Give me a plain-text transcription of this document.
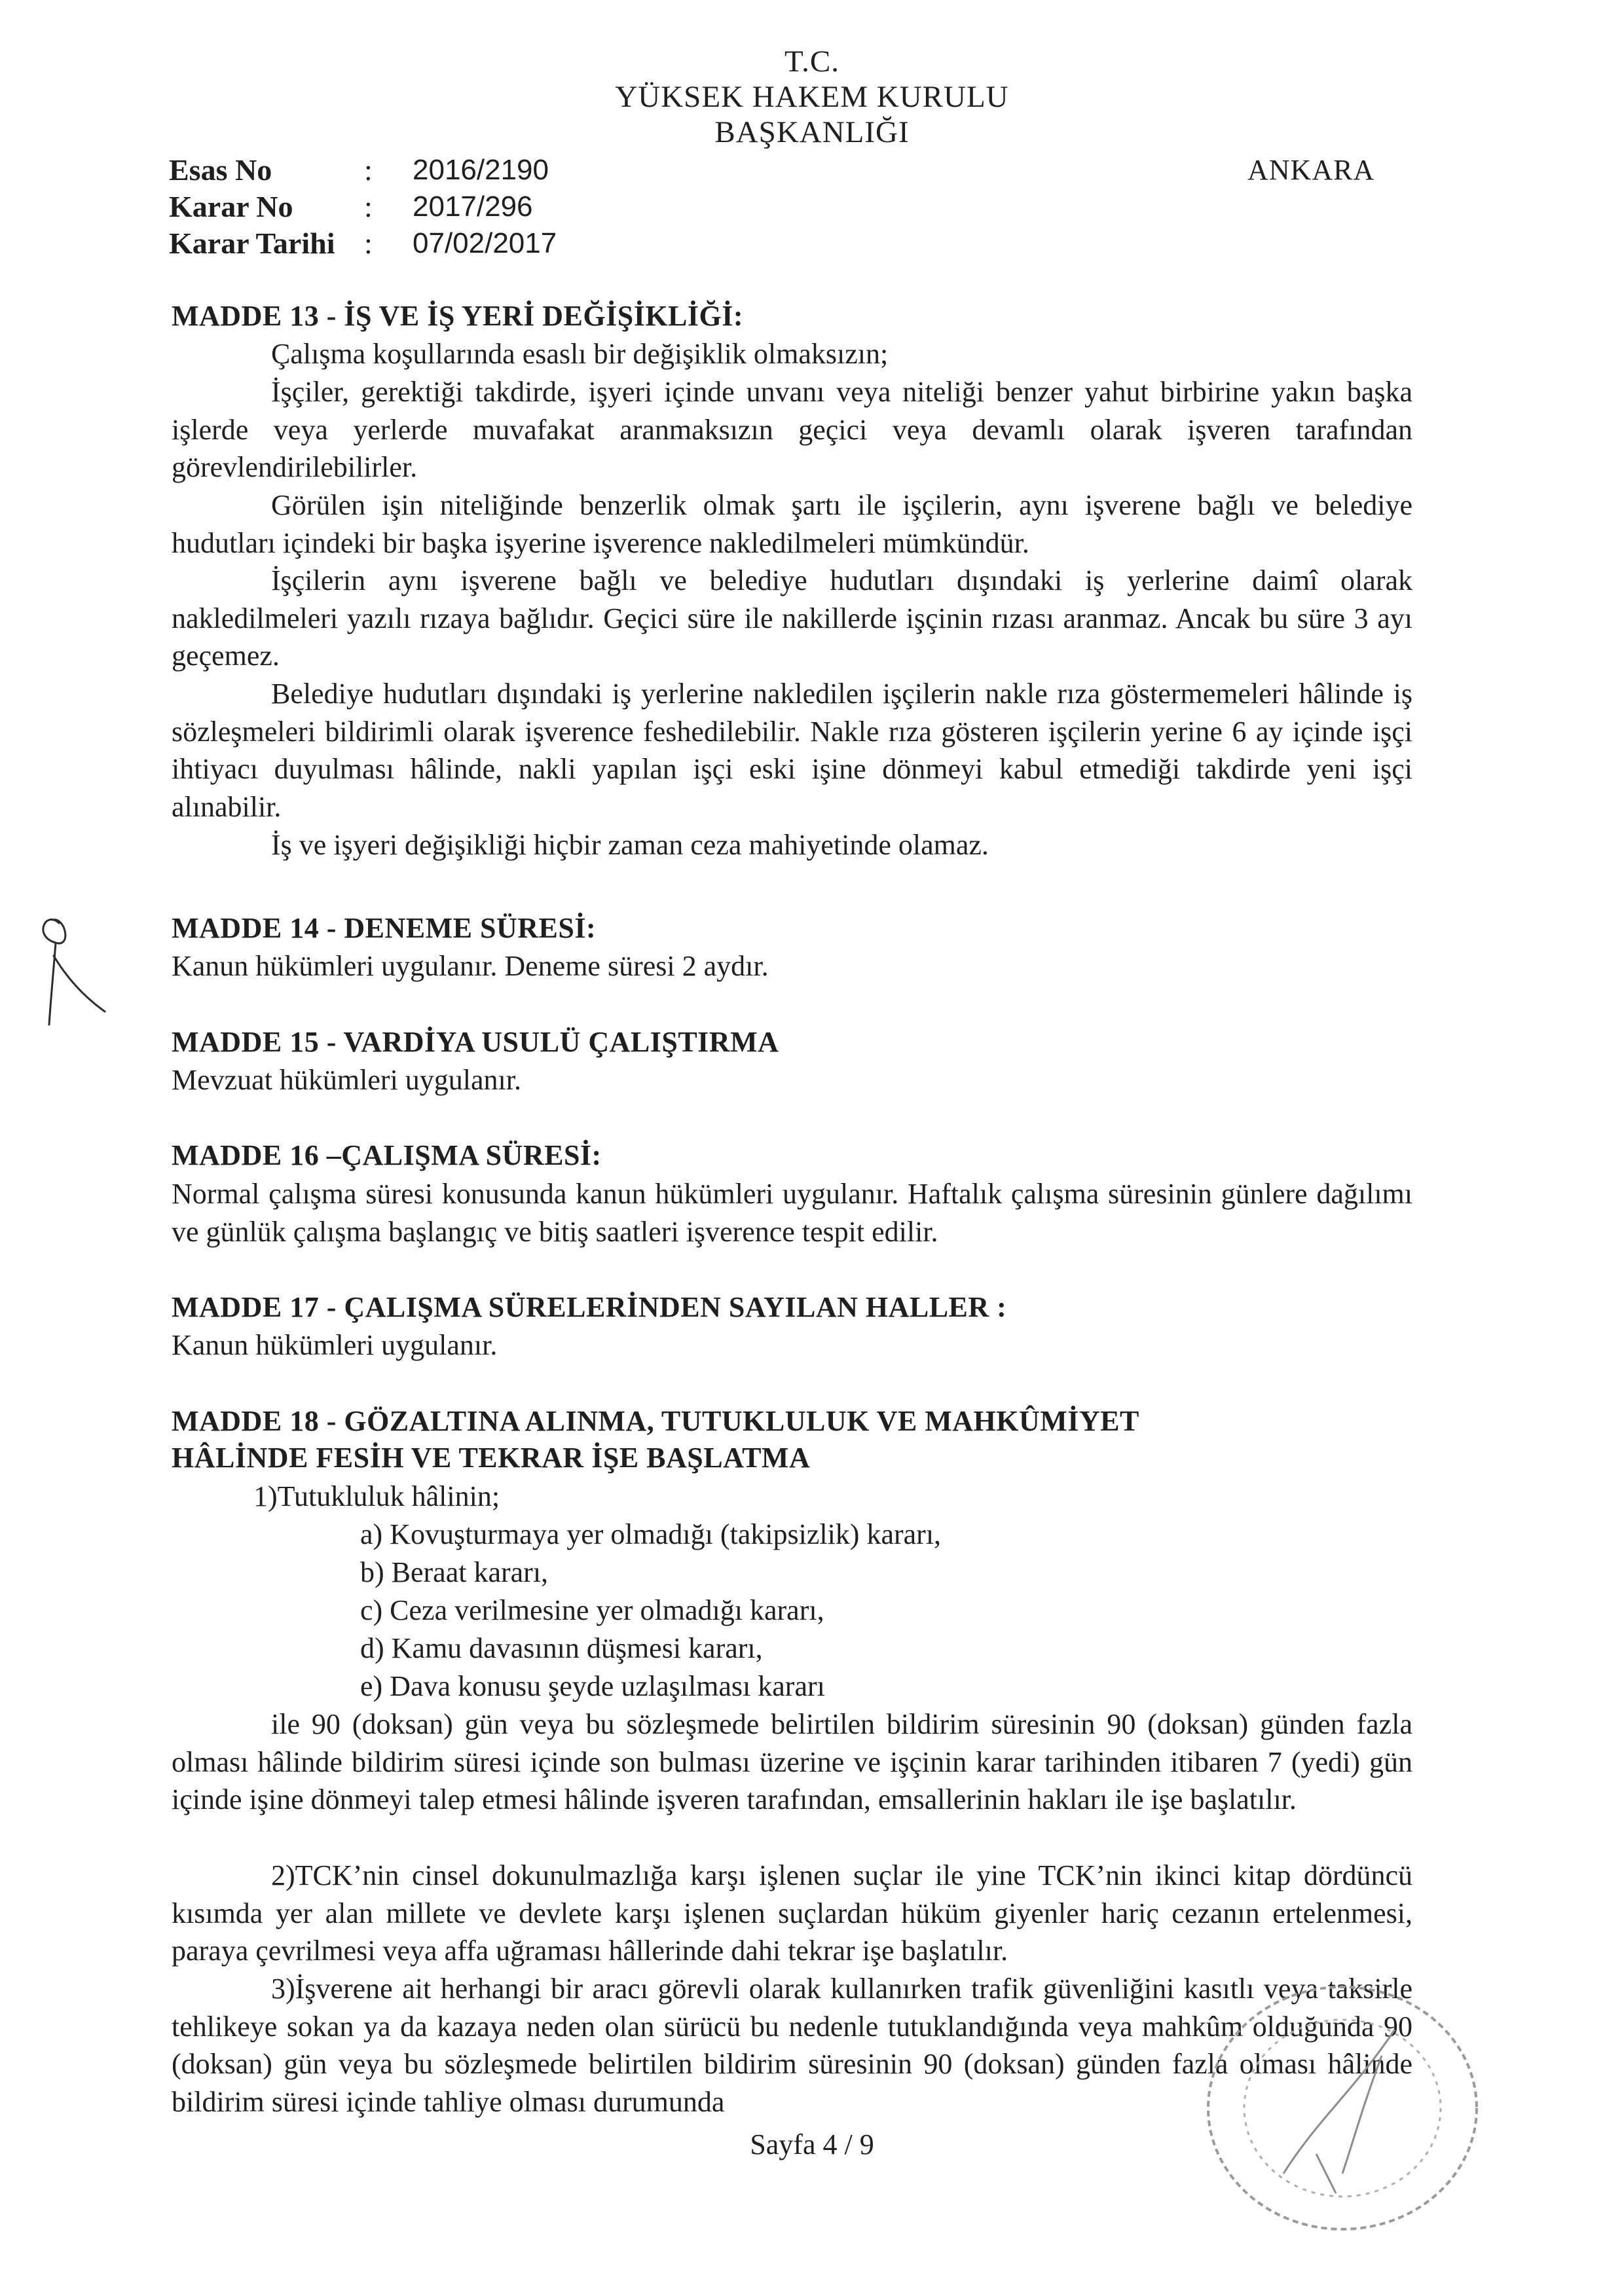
T.C.
YÜKSEK HAKEM KURULU
BAŞKANLIĞI
Esas No	: 2016/2190
Karar No : 2017/296
Karar Tarihi : 07/02/2017
ANKARA
MADDE 13 - İŞ VE İŞ YERİ DEĞİŞİKLİĞİ:
Çalışma koşullarında esaslı bir değişiklik olmaksızın;
İşçiler, gerektiği takdirde, işyeri içinde unvanı veya niteliği benzer yahut birbirine yakın başka işlerde veya yerlerde muvafakat aranmaksızın geçici veya devamlı olarak işveren tarafından görevlendirilebilirler.
Görülen işin niteliğinde benzerlik olmak şartı ile işçilerin, aynı işverene bağlı ve belediye hudutları içindeki bir başka işyerine işverence nakledilmeleri mümkündür.
İşçilerin aynı işverene bağlı ve belediye hudutları dışındaki iş yerlerine daimî olarak nakledilmeleri yazılı rızaya bağlıdır. Geçici süre ile nakillerde işçinin rızası aranmaz. Ancak bu süre 3 ayı geçemez.
Belediye hudutları dışındaki iş yerlerine nakledilen işçilerin nakle rıza göstermemeleri hâlinde iş sözleşmeleri bildirimli olarak işverence feshedilebilir. Nakle rıza gösteren işçilerin yerine 6 ay içinde işçi ihtiyacı duyulması hâlinde, nakli yapılan işçi eski işine dönmeyi kabul etmediği takdirde yeni işçi alınabilir.
İş ve işyeri değişikliği hiçbir zaman ceza mahiyetinde olamaz.
MADDE 14 - DENEME SÜRESİ:
Kanun hükümleri uygulanır. Deneme süresi 2 aydır.
MADDE 15 - VARDİYA USULÜ ÇALIŞTIRMA
Mevzuat hükümleri uygulanır.
MADDE 16 –ÇALIŞMA SÜRESİ:
Normal çalışma süresi konusunda kanun hükümleri uygulanır. Haftalık çalışma süresinin günlere dağılımı ve günlük çalışma başlangıç ve bitiş saatleri işverence tespit edilir.
MADDE 17 - ÇALIŞMA SÜRELERİNDEN SAYILAN HALLER :
Kanun hükümleri uygulanır.
MADDE 18 - GÖZALTINA ALINMA, TUTUKLULUK VE MAHKÛMİYET
HÂLİNDE FESİH VE TEKRAR İŞE BAŞLATMA
1)Tutukluluk hâlinin;
a) Kovuşturmaya yer olmadığı (takipsizlik) kararı,
b) Beraat kararı,
c) Ceza verilmesine yer olmadığı kararı,
d) Kamu davasının düşmesi kararı,
e) Dava konusu şeyde uzlaşılması kararı
ile 90 (doksan) gün veya bu sözleşmede belirtilen bildirim süresinin 90 (doksan) günden fazla olması hâlinde bildirim süresi içinde son bulması üzerine ve işçinin karar tarihinden itibaren 7 (yedi) gün içinde işine dönmeyi talep etmesi hâlinde işveren tarafından, emsallerinin hakları ile işe başlatılır.
2)TCK’nin cinsel dokunulmazlığa karşı işlenen suçlar ile yine TCK’nin ikinci kitap dördüncü kısımda yer alan millete ve devlete karşı işlenen suçlardan hüküm giyenler hariç cezanın ertelenmesi, paraya çevrilmesi veya affa uğraması hâllerinde dahi tekrar işe başlatılır.
3)İşverene ait herhangi bir aracı görevli olarak kullanırken trafik güvenliğini kasıtlı veya taksirle tehlikeye sokan ya da kazaya neden olan sürücü bu nedenle tutuklandığında veya mahkûm olduğunda 90 (doksan) gün veya bu sözleşmede belirtilen bildirim süresinin 90 (doksan) günden fazla olması hâlinde bildirim süresi içinde tahliye olması durumunda
Sayfa 4 / 9
